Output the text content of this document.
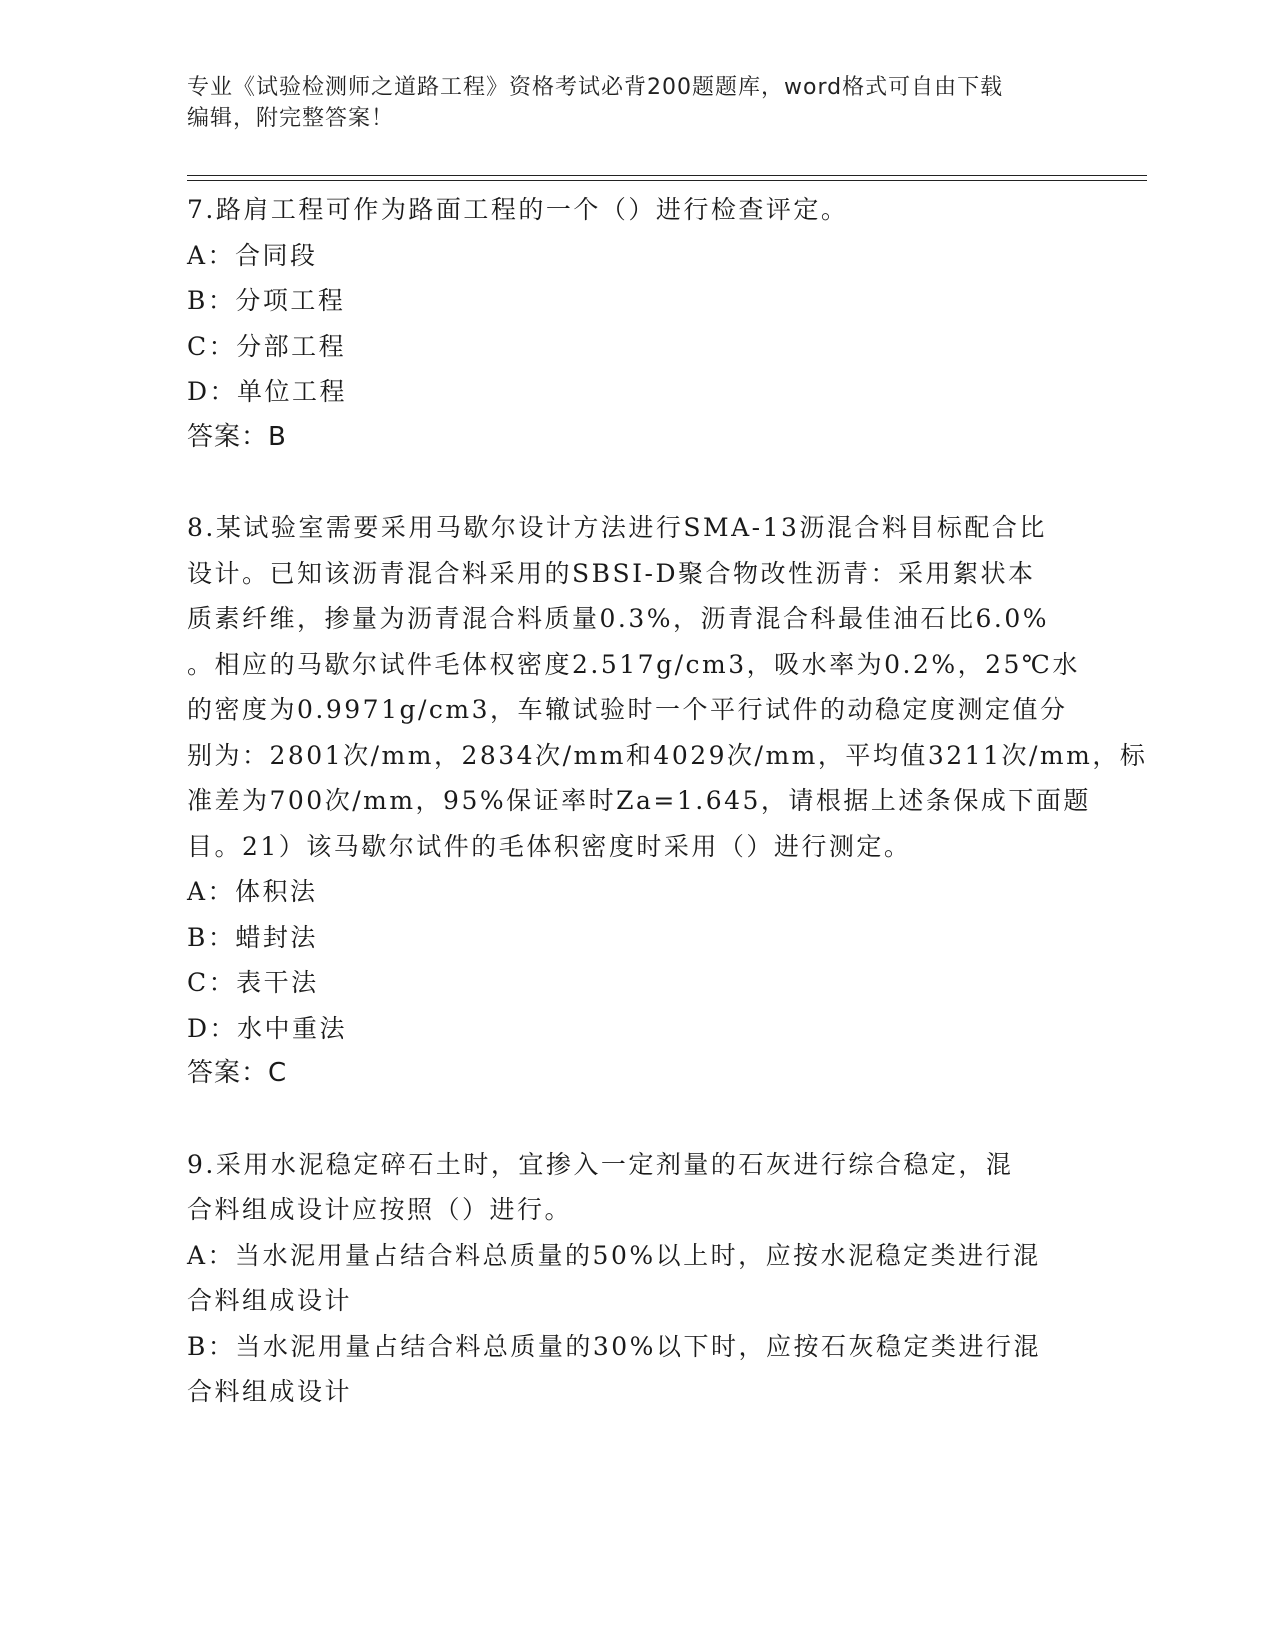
专业《试验检测师之道路工程》资格考试必背200题题库，word格式可自由下载
编辑，附完整答案！
7.路肩工程可作为路面工程的一个（）进行检查评定。
A：合同段
B：分项工程
C：分部工程
D：单位工程
答案：B
8.某试验室需要采用马歇尔设计方法进行SMA-13沥混合料目标配合比
设计。已知该沥青混合料采用的SBSI-D聚合物改性沥青：采用絮状本
质素纤维，掺量为沥青混合料质量0.3%，沥青混合科最佳油石比6.0%
。相应的马歇尔试件毛体权密度2.517g/cm3，吸水率为0.2%，25℃水
的密度为0.9971g/cm3，车辙试验时一个平行试件的动稳定度测定值分
别为：2801次/mm，2834次/mm和4029次/mm，平均值3211次/mm，标
准差为700次/mm，95%保证率时Za=1.645，请根据上述条保成下面题
目。21）该马歇尔试件的毛体积密度时采用（）进行测定。
A：体积法
B：蜡封法
C：表干法
D：水中重法
答案：C
9.采用水泥稳定碎石土时，宜掺入一定剂量的石灰进行综合稳定，混
合料组成设计应按照（）进行。
A：当水泥用量占结合料总质量的50%以上时，应按水泥稳定类进行混
合料组成设计
B：当水泥用量占结合料总质量的30%以下时，应按石灰稳定类进行混
合料组成设计
